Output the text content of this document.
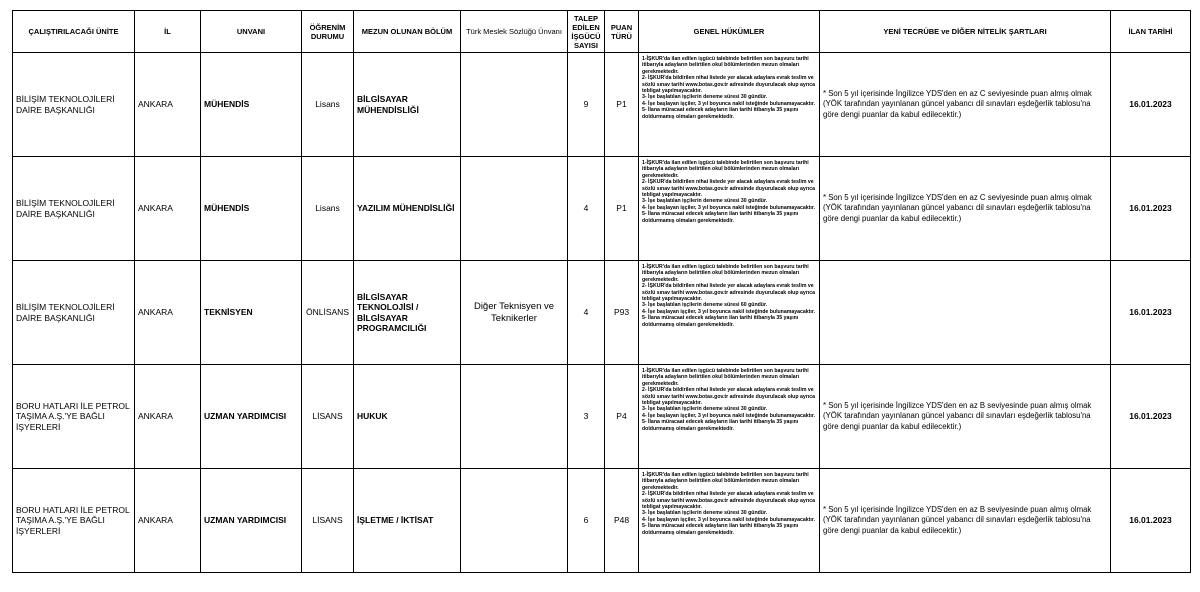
ÇALIŞTIRILACAĞI ÜNİTE	İL	UNVANI	ÖĞRENİM DURUMU	MEZUN OLUNAN BÖLÜM	Türk Meslek Sözlüğü Ünvanı	TALEP EDİLEN İŞGÜCÜ SAYISI	PUAN TÜRÜ	GENEL HÜKÜMLER	YENİ TECRÜBE ve DİĞER NİTELİK ŞARTLARI	İLAN TARİHİ
BİLİŞİM TEKNOLOJİLERİ DAİRE BAŞKANLIĞI	ANKARA	MÜHENDİS	Lisans	BİLGİSAYAR MÜHENDİSLİĞİ		9	P1	1-İŞKUR'da ilan edilen işgücü talebinde belirtilen son başvuru tarihi itibarıyla adayların belirtilen okul bölümlerinden mezun olmaları gerekmektedir.
2- İŞKUR'da bildirilen nihai listede yer alacak adaylara evrak teslim ve sözlü sınav tarihi www.botas.gov.tr adresinde duyurulacak olup ayrıca tebligat yapılmayacaktır.
3- İşe başlatılan işçilerin deneme süresi 30 gündür.
4- İşe başlayan işçiler, 3 yıl boyunca nakil isteğinde bulunamayacaktır.
5- İlana müracaat edecek adayların ilan tarihi itibarıyla 35 yaşını doldurmamış olmaları gerekmektedir.	* Son 5 yıl içerisinde İngilizce YDS'den en az C seviyesinde puan almış olmak (YÖK tarafından yayınlanan güncel yabancı dil sınavları eşdeğerlik tablosu'na göre dengi puanlar da kabul edilecektir.)	16.01.2023
BİLİŞİM TEKNOLOJİLERİ DAİRE BAŞKANLIĞI	ANKARA	MÜHENDİS	Lisans	YAZILIM MÜHENDİSLİĞİ		4	P1	1-İŞKUR'da ilan edilen işgücü talebinde belirtilen son başvuru tarihi itibarıyla adayların belirtilen okul bölümlerinden mezun olmaları gerekmektedir.
2- İŞKUR'da bildirilen nihai listede yer alacak adaylara evrak teslim ve sözlü sınav tarihi www.botas.gov.tr adresinde duyurulacak olup ayrıca tebligat yapılmayacaktır.
3- İşe başlatılan işçilerin deneme süresi 30 gündür.
4- İşe başlayan işçiler, 3 yıl boyunca nakil isteğinde bulunamayacaktır.
5- İlana müracaat edecek adayların ilan tarihi itibarıyla 35 yaşını doldurmamış olmaları gerekmektedir.	* Son 5 yıl içerisinde İngilizce YDS'den en az C seviyesinde puan almış olmak (YÖK tarafından yayınlanan güncel yabancı dil sınavları eşdeğerlik tablosu'na göre dengi puanlar da kabul edilecektir.)	16.01.2023
BİLİŞİM TEKNOLOJİLERİ DAİRE BAŞKANLIĞI	ANKARA	TEKNİSYEN	ÖNLİSANS	BİLGİSAYAR TEKNOLOJİSİ / BİLGİSAYAR PROGRAMCILIĞI	Diğer Teknisyen ve Teknikerler	4	P93	1-İŞKUR'da ilan edilen işgücü talebinde belirtilen son başvuru tarihi itibarıyla adayların belirtilen okul bölümlerinden mezun olmaları gerekmektedir.
2- İŞKUR'da bildirilen nihai listede yer alacak adaylara evrak teslim ve sözlü sınav tarihi www.botas.gov.tr adresinde duyurulacak olup ayrıca tebligat yapılmayacaktır.
3- İşe başlatılan işçilerin deneme süresi 60 gündür.
4- İşe başlayan işçiler, 3 yıl boyunca nakil isteğinde bulunamayacaktır.
5- İlana müracaat edecek adayların ilan tarihi itibarıyla 35 yaşını doldurmamış olmaları gerekmektedir.		16.01.2023
BORU HATLARI İLE PETROL TAŞIMA A.Ş.'YE BAĞLI İŞYERLERİ	ANKARA	UZMAN YARDIMCISI	LİSANS	HUKUK		3	P4	1-İŞKUR'da ilan edilen işgücü talebinde belirtilen son başvuru tarihi itibarıyla adayların belirtilen okul bölümlerinden mezun olmaları gerekmektedir.
2- İŞKUR'da bildirilen nihai listede yer alacak adaylara evrak teslim ve sözlü sınav tarihi www.botas.gov.tr adresinde duyurulacak olup ayrıca tebligat yapılmayacaktır.
3- İşe başlatılan işçilerin deneme süresi 30 gündür.
4- İşe başlayan işçiler, 3 yıl boyunca nakil isteğinde bulunamayacaktır.
5- İlana müracaat edecek adayların ilan tarihi itibarıyla 35 yaşını doldurmamış olmaları gerekmektedir.	* Son 5 yıl içerisinde İngilizce YDS'den en az B seviyesinde puan almış olmak (YÖK tarafından yayınlanan güncel yabancı dil sınavları eşdeğerlik tablosu'na göre dengi puanlar da kabul edilecektir.)	16.01.2023
BORU HATLARI İLE PETROL TAŞIMA A.Ş.'YE BAĞLI İŞYERLERİ	ANKARA	UZMAN YARDIMCISI	LİSANS	İŞLETME / İKTİSAT		6	P48	1-İŞKUR'da ilan edilen işgücü talebinde belirtilen son başvuru tarihi itibarıyla adayların belirtilen okul bölümlerinden mezun olmaları gerekmektedir.
2- İŞKUR'da bildirilen nihai listede yer alacak adaylara evrak teslim ve sözlü sınav tarihi www.botas.gov.tr adresinde duyurulacak olup ayrıca tebligat yapılmayacaktır.
3- İşe başlatılan işçilerin deneme süresi 30 gündür.
4- İşe başlayan işçiler, 3 yıl boyunca nakil isteğinde bulunamayacaktır.
5- İlana müracaat edecek adayların ilan tarihi itibarıyla 35 yaşını doldurmamış olmaları gerekmektedir.	* Son 5 yıl içerisinde İngilizce YDS'den en az B seviyesinde puan almış olmak (YÖK tarafından yayınlanan güncel yabancı dil sınavları eşdeğerlik tablosu'na göre dengi puanlar da kabul edilecektir.)	16.01.2023
